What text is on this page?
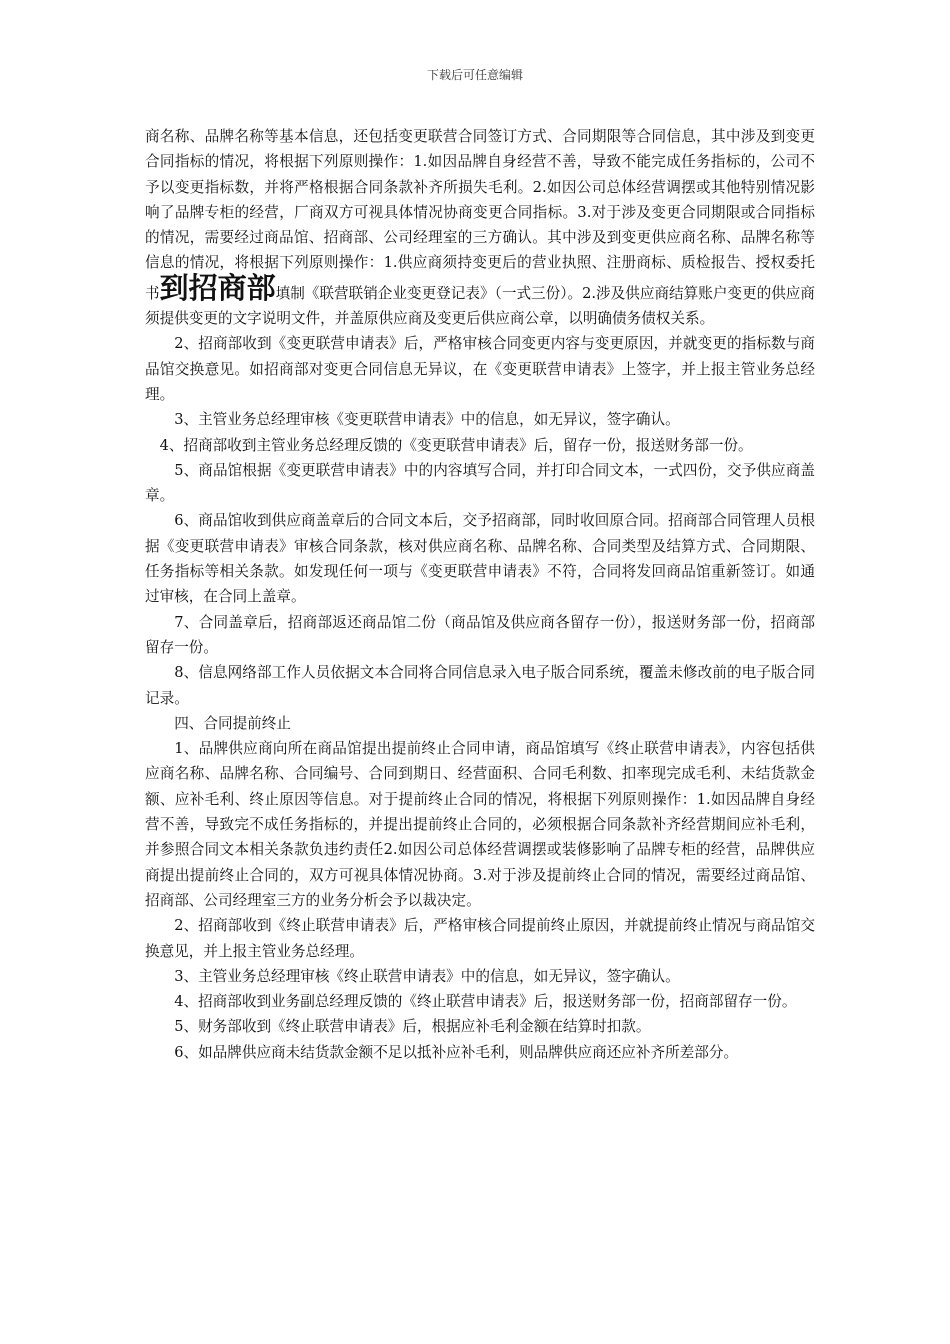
下载后可任意编辑

商名称、品牌名称等基本信息，还包括变更联营合同签订方式、合同期限等合同信息，其中涉及到变更合同指标的情况，将根据下列原则操作：1.如因品牌自身经营不善，导致不能完成任务指标的，公司不予以变更指标数，并将严格根据合同条款补齐所损失毛利。2.如因公司总体经营调摆或其他特别情况影响了品牌专柜的经营，厂商双方可视具体情况协商变更合同指标。3.对于涉及变更合同期限或合同指标的情况，需要经过商品馆、招商部、公司经理室的三方确认。其中涉及到变更供应商名称、品牌名称等信息的情况，将根据下列原则操作：1.供应商须持变更后的营业执照、注册商标、质检报告、授权委托书到招商部填制《联营联销企业变更登记表》（一式三份）。2.涉及供应商结算账户变更的供应商须提供变更的文字说明文件，并盖原供应商及变更后供应商公章，以明确债务债权关系。

2、招商部收到《变更联营申请表》后，严格审核合同变更内容与变更原因，并就变更的指标数与商品馆交换意见。如招商部对变更合同信息无异议，在《变更联营申请表》上签字，并上报主管业务总经理。

3、主管业务总经理审核《变更联营申请表》中的信息，如无异议，签字确认。

4、招商部收到主管业务总经理反馈的《变更联营申请表》后，留存一份，报送财务部一份。

5、商品馆根据《变更联营申请表》中的内容填写合同，并打印合同文本，一式四份，交予供应商盖章。

6、商品馆收到供应商盖章后的合同文本后，交予招商部，同时收回原合同。招商部合同管理人员根据《变更联营申请表》审核合同条款，核对供应商名称、品牌名称、合同类型及结算方式、合同期限、任务指标等相关条款。如发现任何一项与《变更联营申请表》不符，合同将发回商品馆重新签订。如通过审核，在合同上盖章。

7、合同盖章后，招商部返还商品馆二份（商品馆及供应商各留存一份），报送财务部一份，招商部留存一份。

8、信息网络部工作人员依据文本合同将合同信息录入电子版合同系统，覆盖未修改前的电子版合同记录。

四、合同提前终止

1、品牌供应商向所在商品馆提出提前终止合同申请，商品馆填写《终止联营申请表》，内容包括供应商名称、品牌名称、合同编号、合同到期日、经营面积、合同毛利数、扣率现完成毛利、未结货款金额、应补毛利、终止原因等信息。对于提前终止合同的情况，将根据下列原则操作：1.如因品牌自身经营不善，导致完不成任务指标的，并提出提前终止合同的，必须根据合同条款补齐经营期间应补毛利，并参照合同文本相关条款负违约责任2.如因公司总体经营调摆或装修影响了品牌专柜的经营，品牌供应商提出提前终止合同的，双方可视具体情况协商。3.对于涉及提前终止合同的情况，需要经过商品馆、招商部、公司经理室三方的业务分析会予以裁决定。

2、招商部收到《终止联营申请表》后，严格审核合同提前终止原因，并就提前终止情况与商品馆交换意见，并上报主管业务总经理。

3、主管业务总经理审核《终止联营申请表》中的信息，如无异议，签字确认。

4、招商部收到业务副总经理反馈的《终止联营申请表》后，报送财务部一份，招商部留存一份。

5、财务部收到《终止联营申请表》后，根据应补毛利金额在结算时扣款。

6、如品牌供应商未结货款金额不足以抵补应补毛利，则品牌供应商还应补齐所差部分。
